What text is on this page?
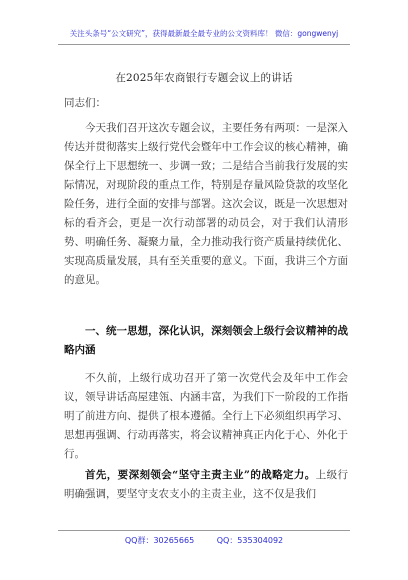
关注头条号“公文研究”，获得最新最全最专业的公文资料库！ 微信：gongwenyj
在2025年农商银行专题会议上的讲话
同志们：

今天我们召开这次专题会议，主要任务有两项：一是深入传达并贯彻落实上级行党代会暨年中工作会议的核心精神，确保全行上下思想统一、步调一致；二是结合当前我行发展的实际情况，对现阶段的重点工作，特别是存量风险贷款的攻坚化险任务，进行全面的安排与部署。这次会议，既是一次思想对标的看齐会，更是一次行动部署的动员会，对于我们认清形势、明确任务、凝聚力量，全力推动我行资产质量持续优化、实现高质量发展，具有至关重要的意义。下面，我讲三个方面的意见。

一、统一思想，深化认识，深刻领会上级行会议精神的战略内涵

不久前，上级行成功召开了第一次党代会及年中工作会议，领导讲话高屋建瓴、内涵丰富，为我们下一阶段的工作指明了前进方向、提供了根本遵循。全行上下必须组织再学习、思想再强调、行动再落实，将会议精神真正内化于心、外化于行。

首先，要深刻领会“坚守主责主业”的战略定力。上级行明确强调，要坚守支农支小的主责主业，这不仅是我们

QQ群：30265665	QQ：535304092
